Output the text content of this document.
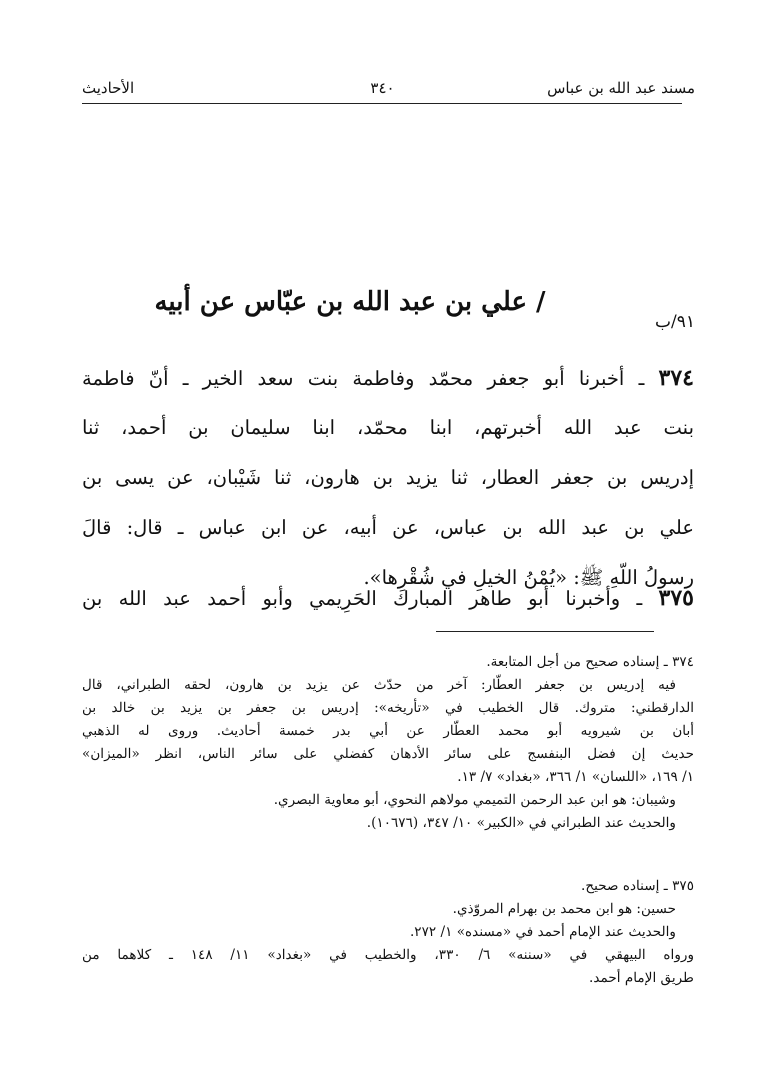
مسند عبد الله بن عباس
٣٤٠
الأحاديث
٩١/ب
/ علي بن عبد الله بن عبّاس عن أبيه
٣٧٤ ـ أخبرنا أبو جعفر محمّد وفاطمة بنت سعد الخير ـ أنّ فاطمة
بنت عبد الله أخبرتهم، ابنا محمّد، ابنا سليمان بن أحمد، ثنا
إدريس بن جعفر العطار، ثنا يزيد بن هارون، ثنا شَيْبان، عن يسى بن
علي بن عبد الله بن عباس، عن أبيه، عن ابن عباس ـ قال: قالَ
رسولُ اللّهِ ﷺ: «يُمْنُ الخيلِ في شُقْرِها».
٣٧٥ ـ وأخبرنا أبو طاهر المبارك الحَرِيمي وأبو أحمد عبد الله بن
٣٧٤ ـ إسناده صحيح من أجل المتابعة.
فيه إدريس بن جعفر العطّار: آخر من حدّث عن يزيد بن هارون، لحقه الطبراني، قال
الدارقطني: متروك. قال الخطيب في «تأريخه»: إدريس بن جعفر بن يزيد بن خالد بن
أبان بن شيرويه أبو محمد العطّار عن أبي بدر خمسة أحاديث. وروى له الذهبي
حديث إن فضل البنفسج على سائر الأدهان كفضلي على سائر الناس، انظر «الميزان»
١/ ١٦٩، «اللسان» ١/ ٣٦٦، «بغداد» ٧/ ١٣.
وشيبان: هو ابن عبد الرحمن التميمي مولاهم النحوي، أبو معاوية البصري.
والحديث عند الطبراني في «الكبير» ١٠/ ٣٤٧، (١٠٦٧٦).
٣٧٥ ـ إسناده صحيح.
حسين: هو ابن محمد بن بهرام المروّذي.
والحديث عند الإمام أحمد في «مسنده» ١/ ٢٧٢.
ورواه البيهقي في «سننه» ٦/ ٣٣٠، والخطيب في «بغداد» ١١/ ١٤٨ ـ كلاهما من
طريق الإمام أحمد.
